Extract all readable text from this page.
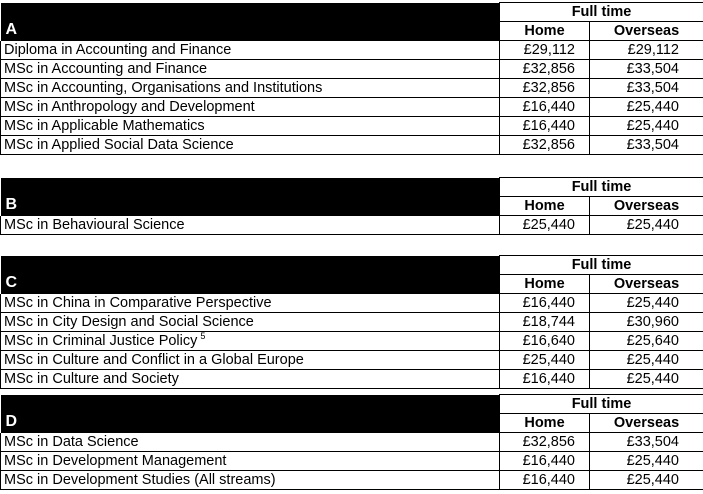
A	Full time	
	Home	Overseas
Diploma in Accounting and Finance	£29,112	£29,112
MSc in Accounting and Finance	£32,856	£33,504
MSc in Accounting, Organisations and Institutions	£32,856	£33,504
MSc in Anthropology and Development	£16,440	£25,440
MSc in Applicable Mathematics	£16,440	£25,440
MSc in Applied Social Data Science	£32,856	£33,504
B	Full time	
	Home	Overseas
MSc in Behavioural Science	£25,440	£25,440
C	Full time	
	Home	Overseas
MSc in China in Comparative Perspective	£16,440	£25,440
MSc in City Design and Social Science	£18,744	£30,960
MSc in Criminal Justice Policy $^5$	£16,640	£25,640
MSc in Culture and Conflict in a Global Europe	£25,440	£25,440
MSc in Culture and Society	£16,440	£25,440
D	Full time	
	Home	Overseas
MSc in Data Science	£32,856	£33,504
MSc in Development Management	£16,440	£25,440
MSc in Development Studies (All streams)	£16,440	£25,440
